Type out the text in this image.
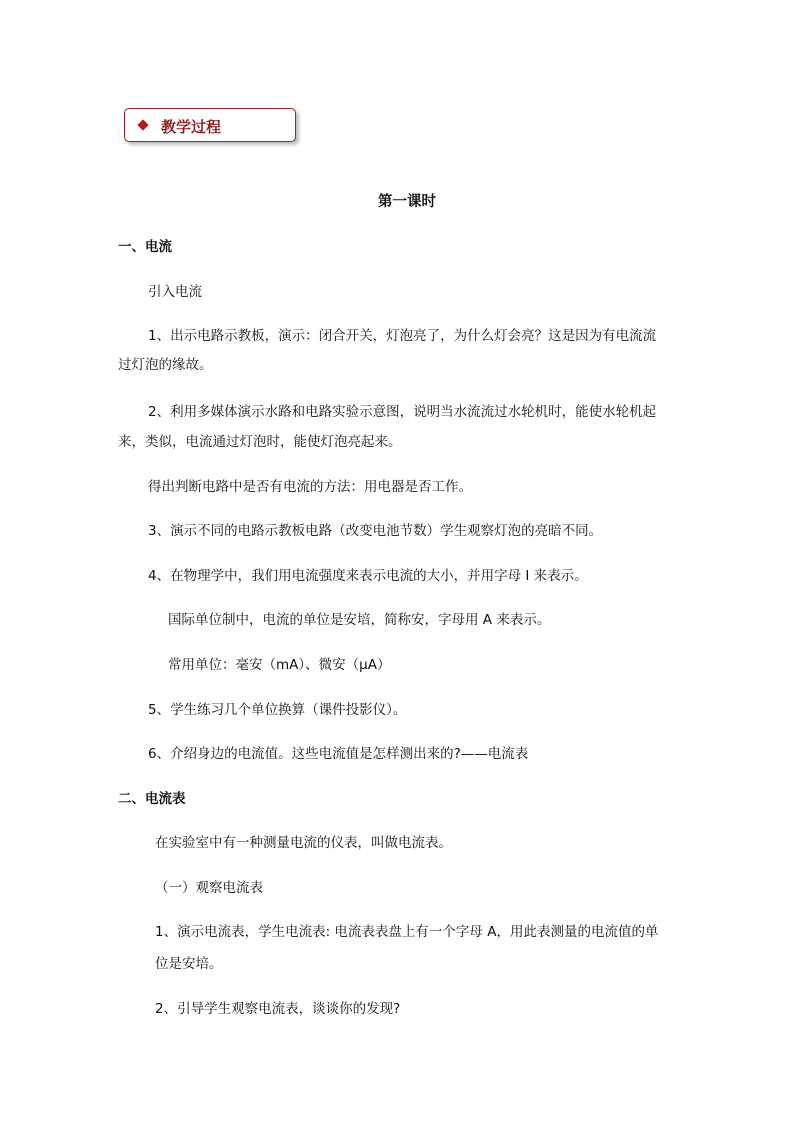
教学过程
第一课时
一、电流
引入电流
1、出示电路示教板，演示：闭合开关，灯泡亮了，为什么灯会亮？这是因为有电流流
过灯泡的缘故。
2、利用多媒体演示水路和电路实验示意图，说明当水流流过水轮机时，能使水轮机起
来，类似，电流通过灯泡时，能使灯泡亮起来。
得出判断电路中是否有电流的方法：用电器是否工作。
3、演示不同的电路示教板电路（改变电池节数）学生观察灯泡的亮暗不同。
4、在物理学中，我们用电流强度来表示电流的大小，并用字母 I 来表示。
国际单位制中，电流的单位是安培，简称安，字母用 A 来表示。
常用单位：毫安（mA）、微安（μA）
5、学生练习几个单位换算（课件投影仪）。
6、介绍身边的电流值。这些电流值是怎样测出来的?——电流表
二、电流表
在实验室中有一种测量电流的仪表，叫做电流表。
（一）观察电流表
1、演示电流表，学生电流表: 电流表表盘上有一个字母 A，用此表测量的电流值的单
位是安培。
2、引导学生观察电流表，谈谈你的发现?
